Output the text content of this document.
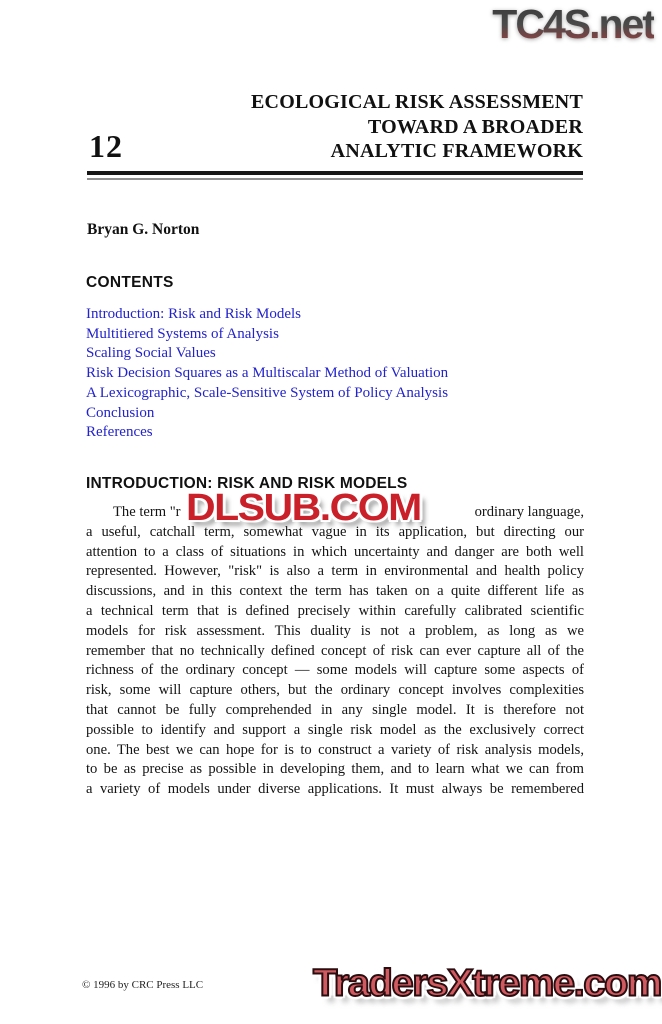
TC4S.net
12
ECOLOGICAL RISK ASSESSMENT
TOWARD A BROADER
ANALYTIC FRAMEWORK
Bryan G. Norton
CONTENTS
Introduction: Risk and Risk Models
Multitiered Systems of Analysis
Scaling Social Values
Risk Decision Squares as a Multiscalar Method of Valuation
A Lexicographic, Scale-Sensitive System of Policy Analysis
Conclusion
References
INTRODUCTION: RISK AND RISK MODELS
The term "r	ordinary language,
a useful, catchall term, somewhat vague in its application, but directing our
attention to a class of situations in which uncertainty and danger are both well
represented. However, "risk" is also a term in environmental and health policy
discussions, and in this context the term has taken on a quite different life as
a technical term that is defined precisely within carefully calibrated scientific
models for risk assessment. This duality is not a problem, as long as we
remember that no technically defined concept of risk can ever capture all of the
richness of the ordinary concept — some models will capture some aspects of
risk, some will capture others, but the ordinary concept involves complexities
that cannot be fully comprehended in any single model. It is therefore not
possible to identify and support a single risk model as the exclusively correct
one. The best we can hope for is to construct a variety of risk analysis models,
to be as precise as possible in developing them, and to learn what we can from
a variety of models under diverse applications. It must always be remembered
DLSUB.COM
© 1996 by CRC Press LLC	TradersXtreme.com
